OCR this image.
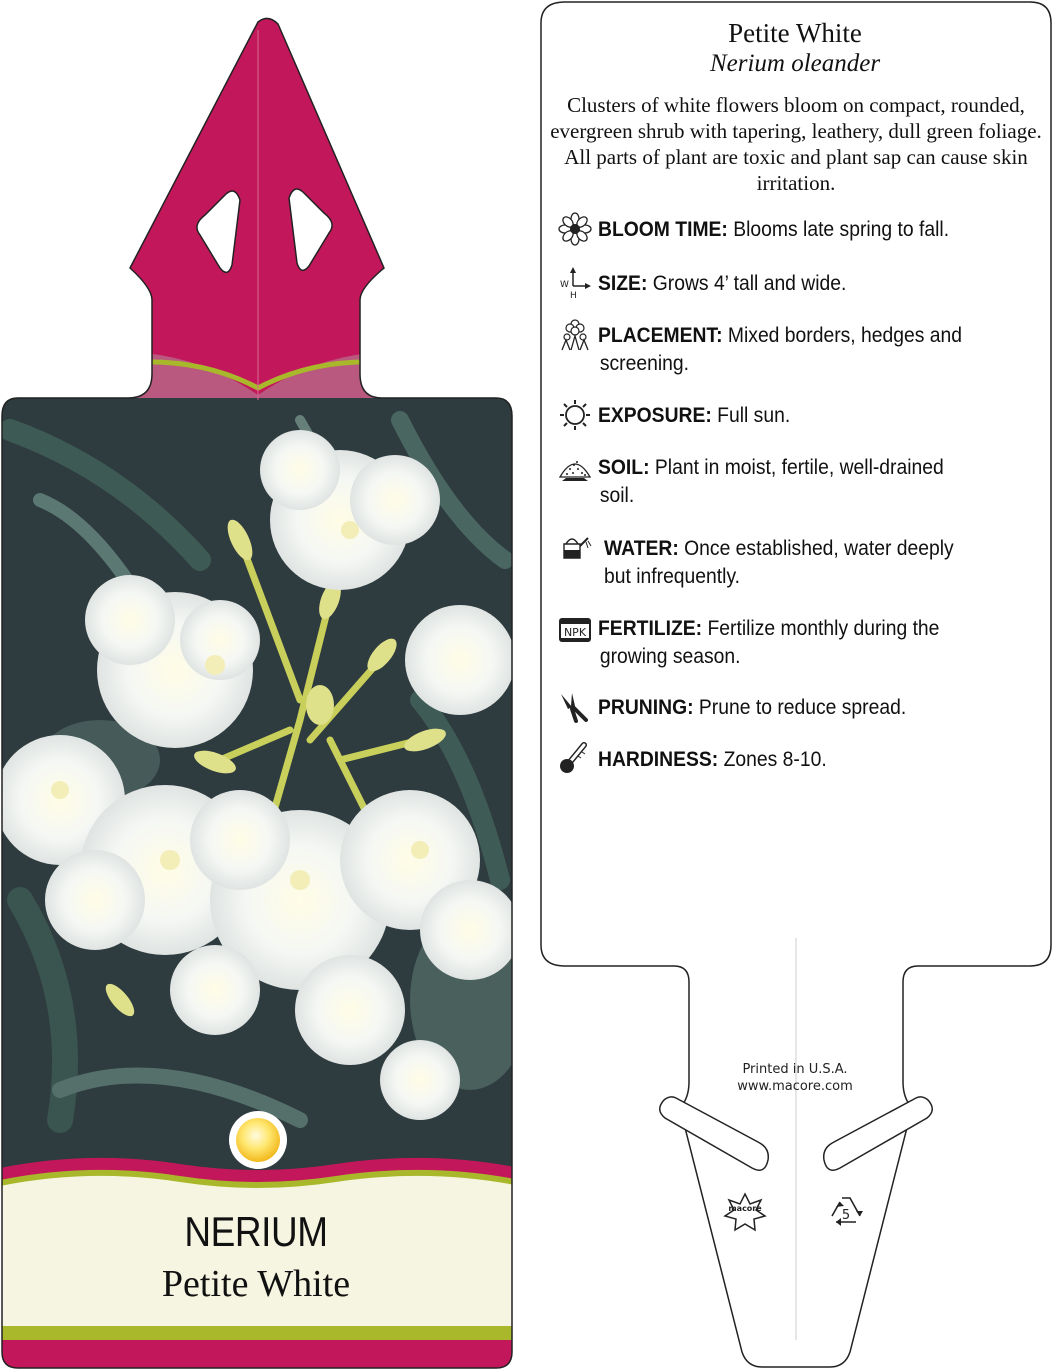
macore	5
NERIUM
Petite White
Petite White
Nerium oleander
Clusters of white flowers bloom on compact, rounded, evergreen shrub with tapering, leathery, dull green foliage. All parts of plant are toxic and plant sap can cause skin irritation.
W
H
NPK
BLOOM TIME: Blooms late spring to fall.
SIZE: Grows 4’ tall and wide.
PLACEMENT: Mixed borders, hedges and
screening.
EXPOSURE: Full sun.
SOIL: Plant in moist, fertile, well-drained
soil.
WATER: Once established, water deeply
but infrequently.
FERTILIZE: Fertilize monthly during the
growing season.
PRUNING: Prune to reduce spread.
HARDINESS: Zones 8-10.
Printed in U.S.A.
www.macore.com
